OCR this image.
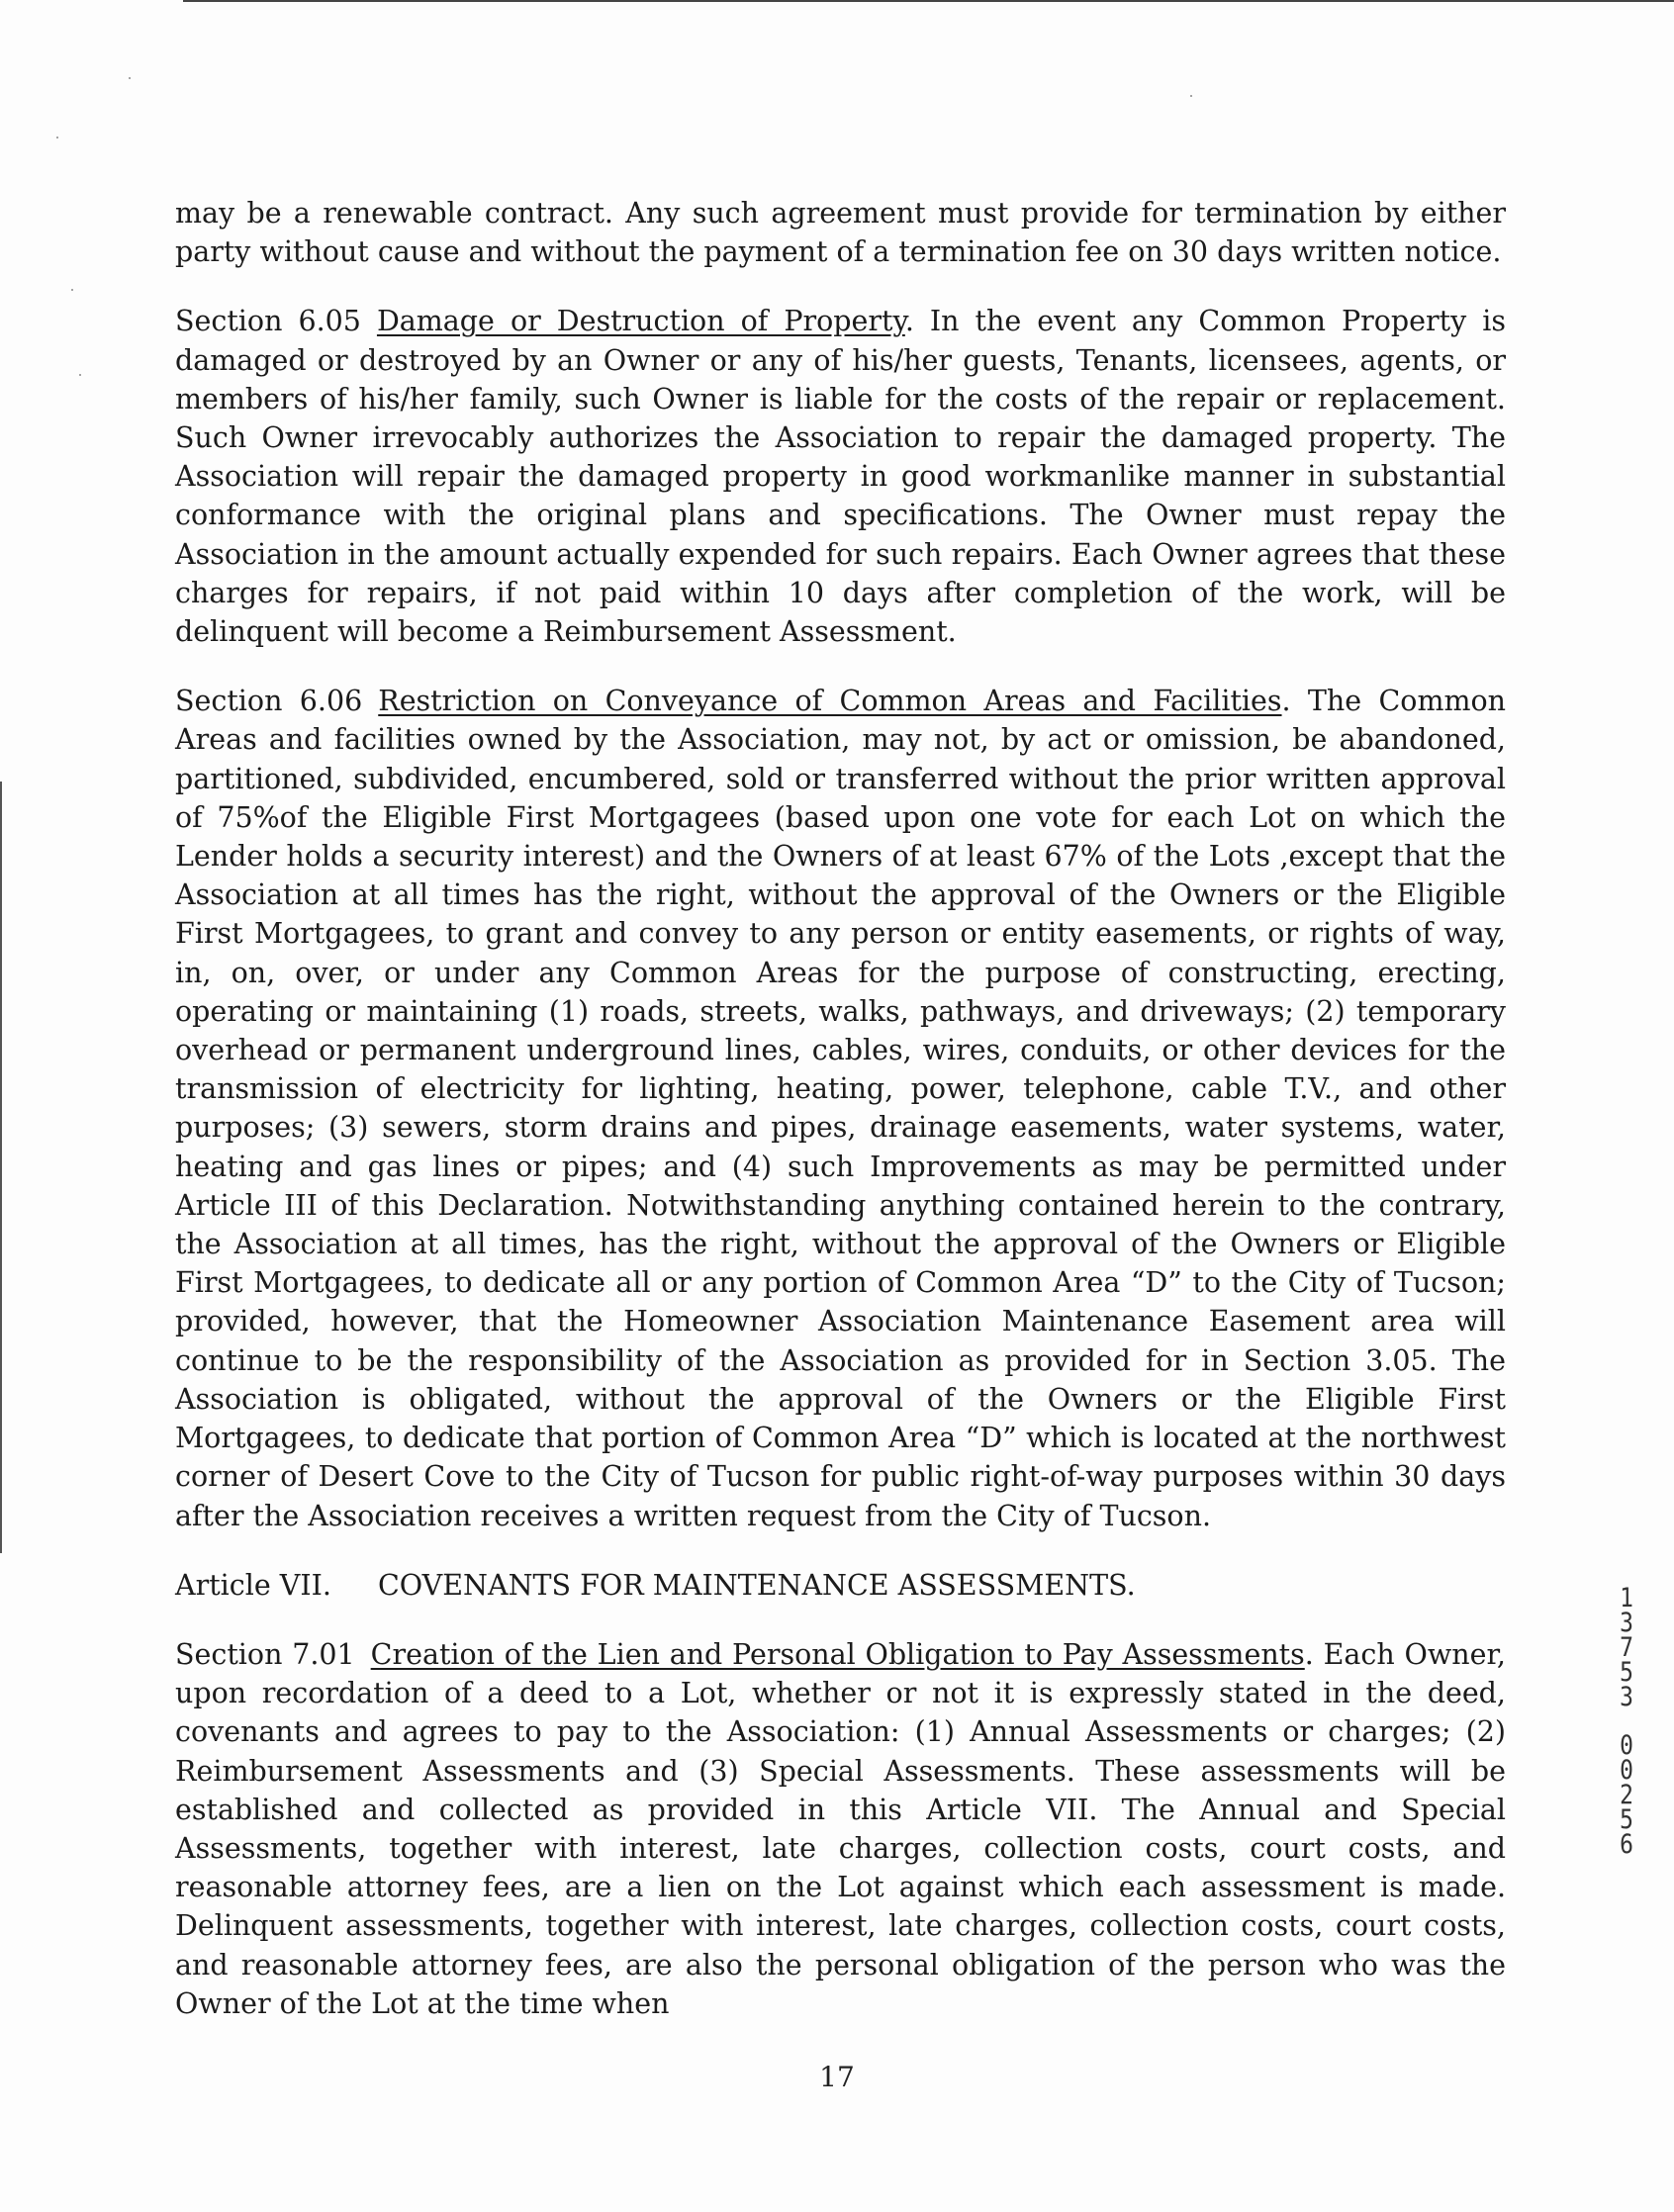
may be a renewable contract. Any such agreement must provide for termination by either party without cause and without the payment of a termination fee on 30 days written notice.

Section 6.05 Damage or Destruction of Property. In the event any Common Property is damaged or destroyed by an Owner or any of his/her guests, Tenants, licensees, agents, or members of his/her family, such Owner is liable for the costs of the repair or replacement. Such Owner irrevocably authorizes the Association to repair the damaged property. The Association will repair the damaged property in good workmanlike manner in substantial conformance with the original plans and specifications. The Owner must repay the Association in the amount actually expended for such repairs. Each Owner agrees that these charges for repairs, if not paid within 10 days after completion of the work, will be delinquent will become a Reimbursement Assessment.

Section 6.06 Restriction on Conveyance of Common Areas and Facilities. The Common Areas and facilities owned by the Association, may not, by act or omission, be abandoned, partitioned, subdivided, encumbered, sold or transferred without the prior written approval of 75%of the Eligible First Mortgagees (based upon one vote for each Lot on which the Lender holds a security interest) and the Owners of at least 67% of the Lots ,except that the Association at all times has the right, without the approval of the Owners or the Eligible First Mortgagees, to grant and convey to any person or entity easements, or rights of way, in, on, over, or under any Common Areas for the purpose of constructing, erecting, operating or maintaining (1) roads, streets, walks, pathways, and driveways; (2) temporary overhead or permanent underground lines, cables, wires, conduits, or other devices for the transmission of electricity for lighting, heating, power, telephone, cable T.V., and other purposes; (3) sewers, storm drains and pipes, drainage easements, water systems, water, heating and gas lines or pipes; and (4) such Improvements as may be permitted under Article III of this Declaration. Notwithstanding anything contained herein to the contrary, the Association at all times, has the right, without the approval of the Owners or Eligible First Mortgagees, to dedicate all or any portion of Common Area “D” to the City of Tucson; provided, however, that the Homeowner Association Maintenance Easement area will continue to be the responsibility of the Association as provided for in Section 3.05. The Association is obligated, without the approval of the Owners or the Eligible First Mortgagees, to dedicate that portion of Common Area “D” which is located at the northwest corner of Desert Cove to the City of Tucson for public right-of-way purposes within 30 days after the Association receives a written request from the City of Tucson.

Article VII. COVENANTS FOR MAINTENANCE ASSESSMENTS.

Section 7.01 Creation of the Lien and Personal Obligation to Pay Assessments. Each Owner, upon recordation of a deed to a Lot, whether or not it is expressly stated in the deed, covenants and agrees to pay to the Association: (1) Annual Assessments or charges; (2) Reimbursement Assessments and (3) Special Assessments. These assessments will be established and collected as provided in this Article VII. The Annual and Special Assessments, together with interest, late charges, collection costs, court costs, and reasonable attorney fees, are a lien on the Lot against which each assessment is made. Delinquent assessments, together with interest, late charges, collection costs, court costs, and reasonable attorney fees, are also the personal obligation of the person who was the Owner of the Lot at the time when

13753
00256
17
